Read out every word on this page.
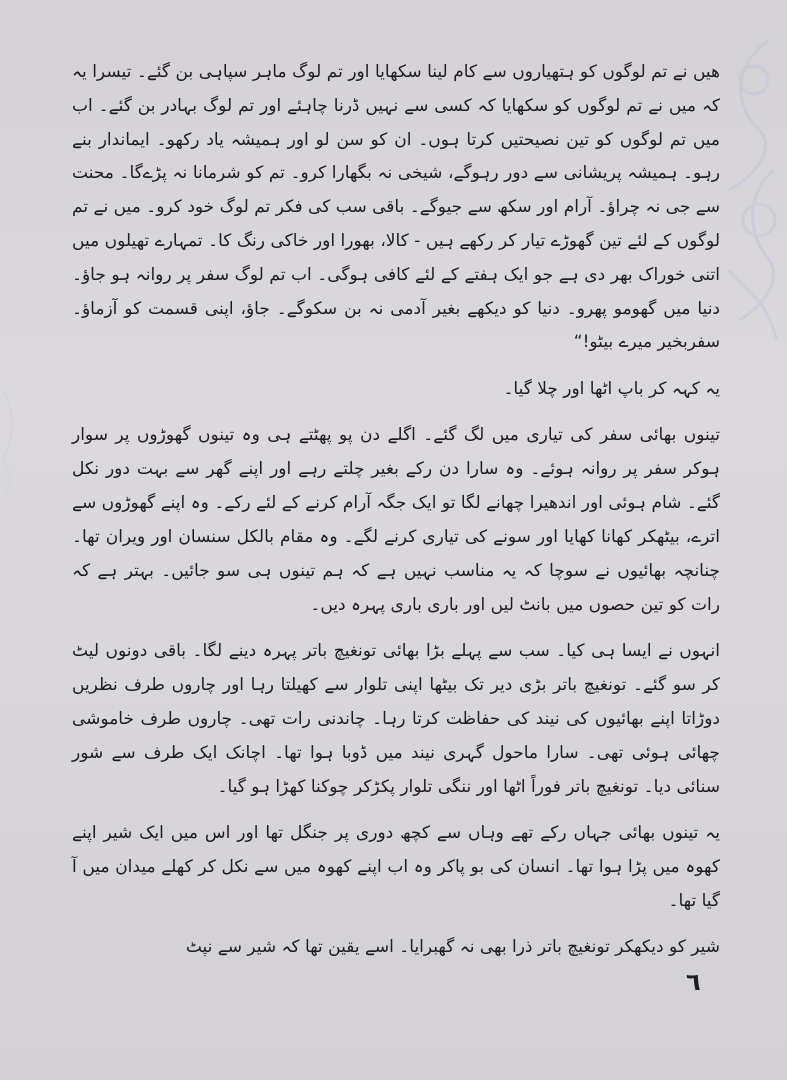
هیں نے تم لوگوں کو ہتھیاروں سے کام لینا سکھایا اور تم لوگ ماہر سپاہی بن گئے۔ تیسرا یہ کہ میں نے تم لوگوں کو سکھایا کہ کسی سے نہیں ڈرنا چاہئے اور تم لوگ بہادر بن گئے۔ اب میں تم لوگوں کو تین نصیحتیں کرتا ہوں۔ ان کو سن لو اور ہمیشہ یاد رکھو۔ ایماندار بنے رہو۔ ہمیشہ پریشانی سے دور رہوگے، شیخی نہ بگھارا کرو۔ تم کو شرمانا نہ پڑےگا۔ محنت سے جی نہ چراؤ۔ آرام اور سکھ سے جیوگے۔ باقی سب کی فکر تم لوگ خود کرو۔ میں نے تم لوگوں کے لئے تین گھوڑے تیار کر رکھے ہیں - کالا، بھورا اور خاکی رنگ کا۔ تمہارے تھیلوں میں اتنی خوراک بھر دی ہے جو ایک ہفتے کے لئے کافی ہوگی۔ اب تم لوگ سفر پر روانہ ہو جاؤ۔ دنیا میں گھومو پھرو۔ دنیا کو دیکھے بغیر آدمی نہ بن سکوگے۔ جاؤ، اپنی قسمت کو آزماؤ۔ سفربخیر میرے بیٹو!“

یہ کہہ کر باپ اٹھا اور چلا گیا۔

تینوں بھائی سفر کی تیاری میں لگ گئے۔ اگلے دن پو پھٹتے ہی وہ تینوں گھوڑوں پر سوار ہوکر سفر پر روانہ ہوئے۔ وہ سارا دن رکے بغیر چلتے رہے اور اپنے گھر سے بہت دور نکل گئے۔ شام ہوئی اور اندھیرا چھانے لگا تو ایک جگہ آرام کرنے کے لئے رکے۔ وہ اپنے گھوڑوں سے اترے، بیٹھکر کھانا کھایا اور سونے کی تیاری کرنے لگے۔ وہ مقام بالکل سنسان اور ویران تھا۔ چنانچہ بھائیوں نے سوچا کہ یہ مناسب نہیں ہے کہ ہم تینوں ہی سو جائیں۔ بہتر ہے کہ رات کو تین حصوں میں بانٹ لیں اور باری باری پہرہ دیں۔

انہوں نے ایسا ہی کیا۔ سب سے پہلے بڑا بھائی تونغیچ باتر پہرہ دینے لگا۔ باقی دونوں لیٹ کر سو گئے۔ تونغیچ باتر بڑی دیر تک بیٹھا اپنی تلوار سے کھیلتا رہا اور چاروں طرف نظریں دوڑاتا اپنے بھائیوں کی نیند کی حفاظت کرتا رہا۔ چاندنی رات تھی۔ چاروں طرف خاموشی چھائی ہوئی تھی۔ سارا ماحول گہری نیند میں ڈوبا ہوا تھا۔ اچانک ایک طرف سے شور سنائی دیا۔ تونغیچ باتر فوراً اٹھا اور ننگی تلوار پکڑکر چوکنا کھڑا ہو گیا۔

یہ تینوں بھائی جہاں رکے تھے وہاں سے کچھ دوری پر جنگل تھا اور اس میں ایک شیر اپنے کھوہ میں پڑا ہوا تھا۔ انسان کی بو پاکر وہ اب اپنے کھوہ میں سے نکل کر کھلے میدان میں آ گیا تھا۔

شیر کو دیکھکر تونغیچ باتر ذرا بھی نہ گھبرایا۔ اسے یقین تھا کہ شیر سے نپٹ

٦
